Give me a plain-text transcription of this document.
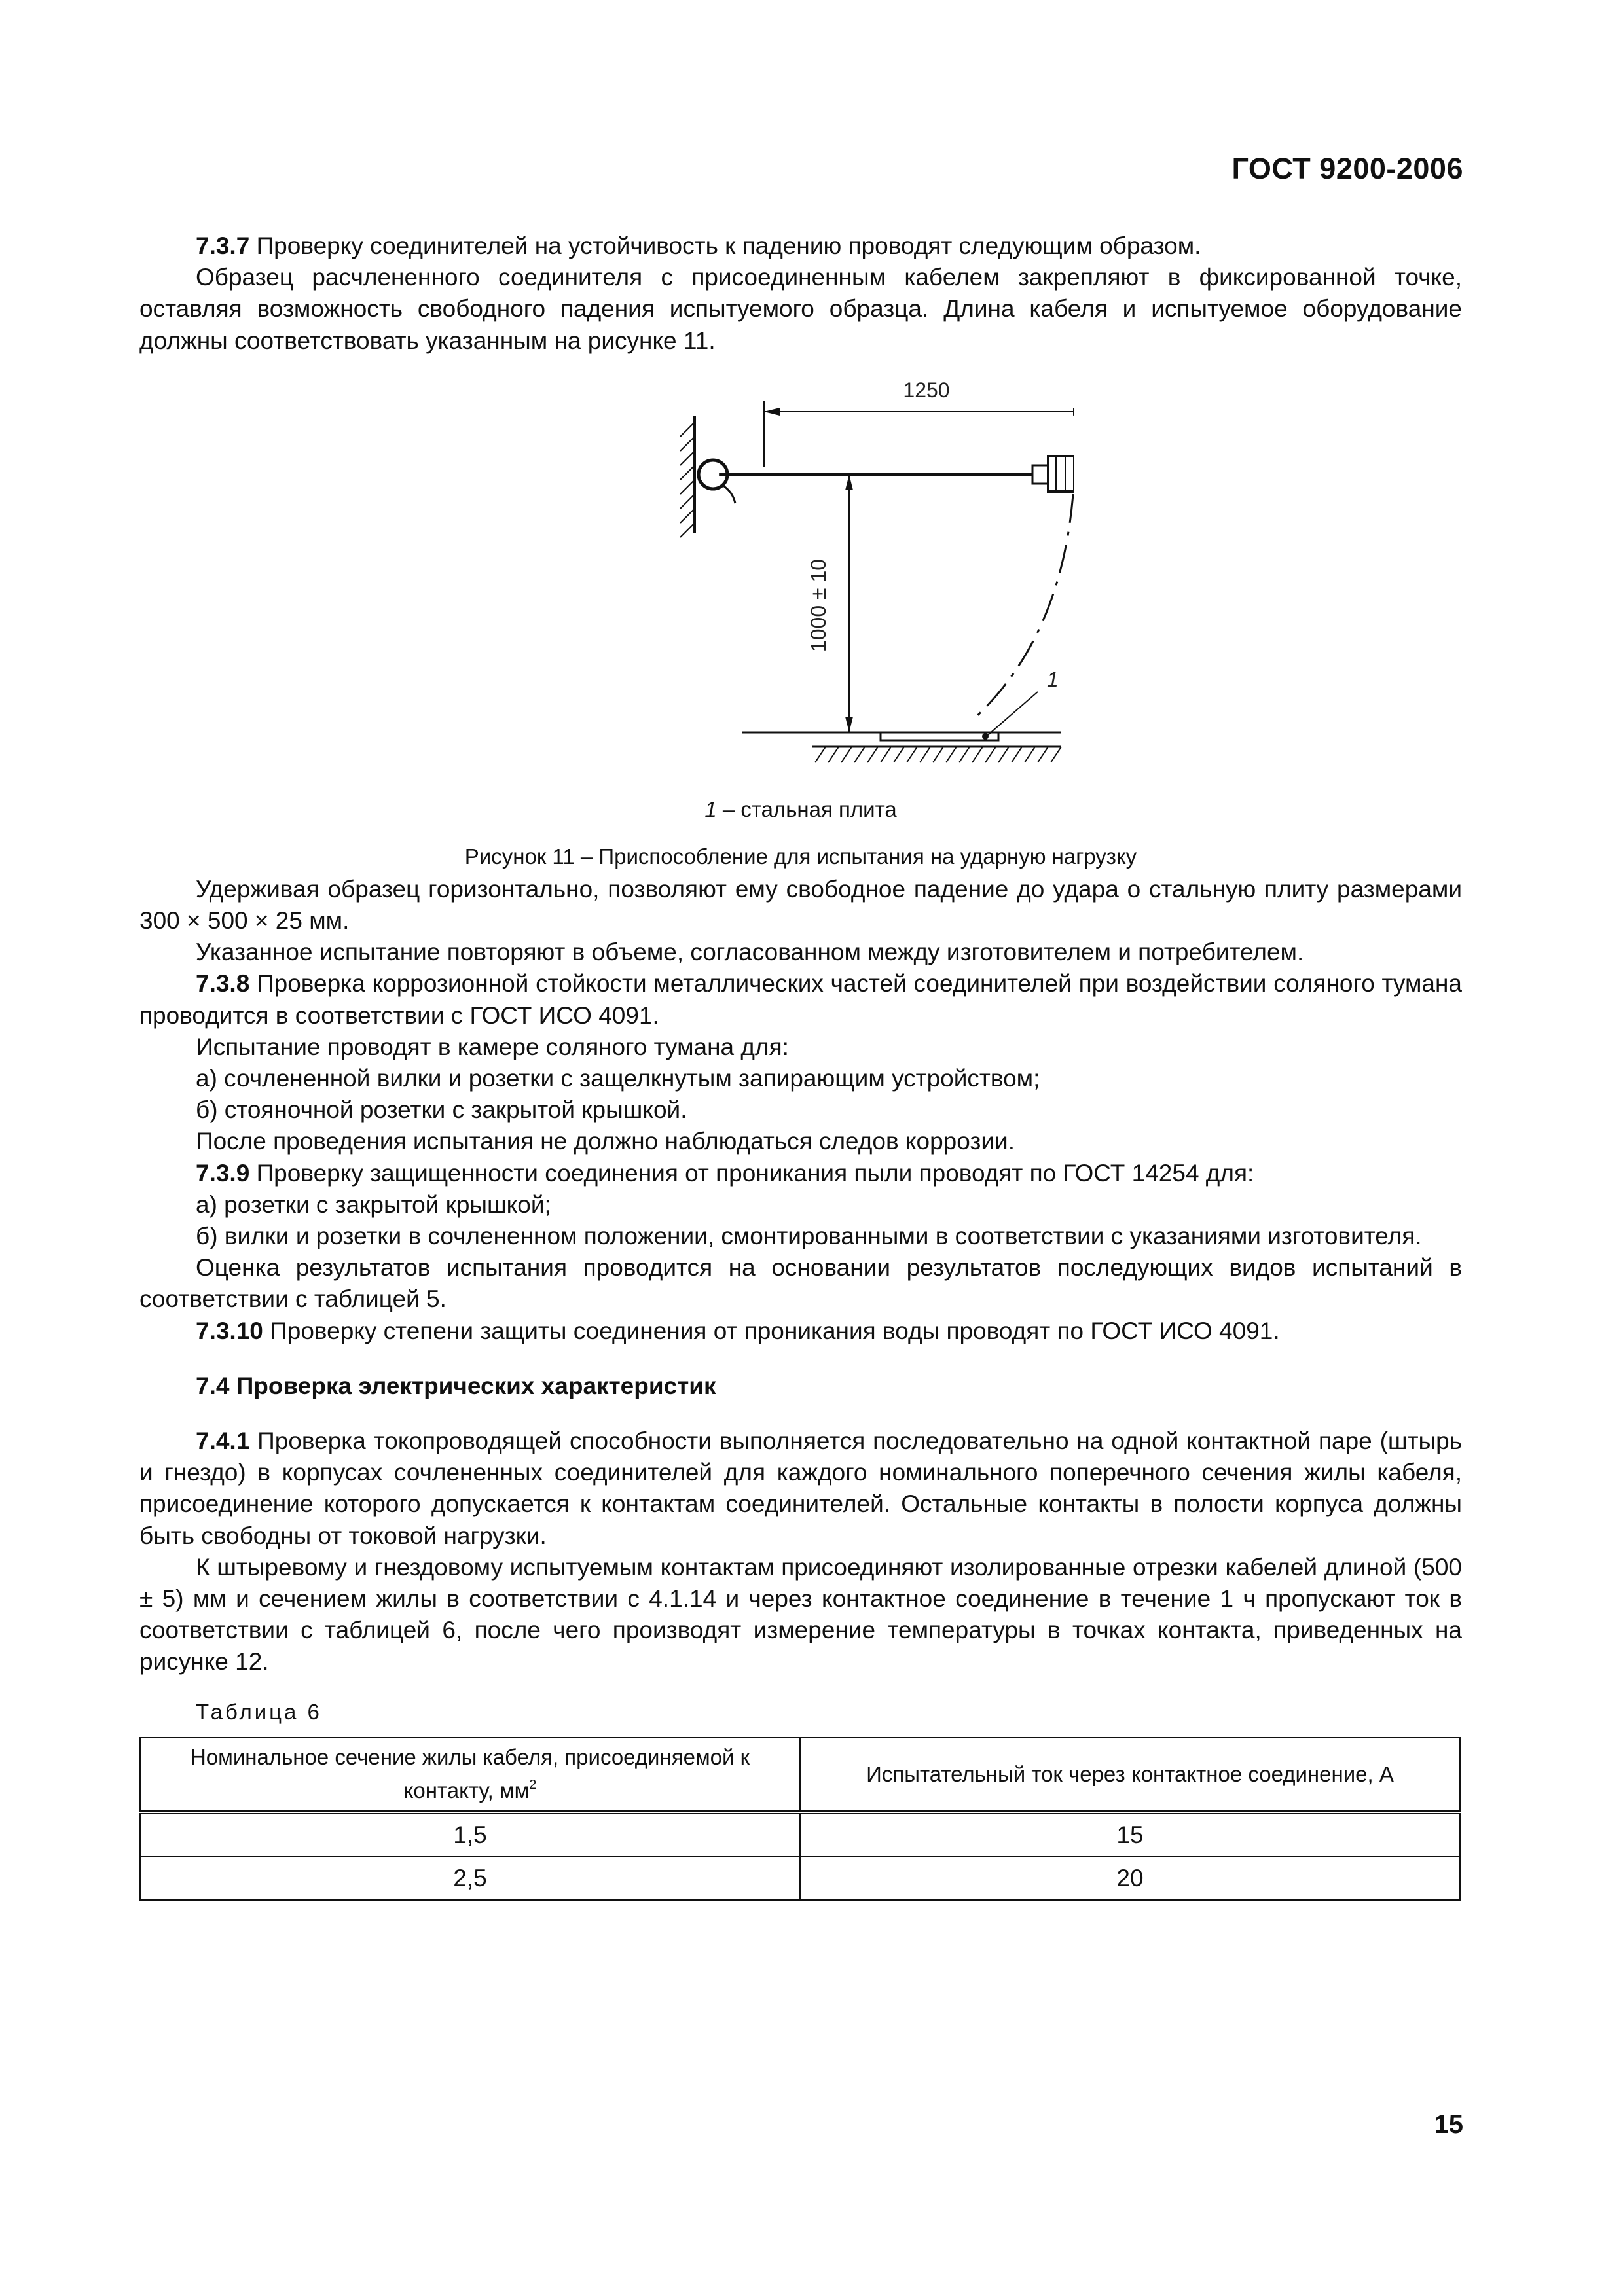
ГОСТ 9200-2006

7.3.7 Проверку соединителей на устойчивость к падению проводят следующим образом.

Образец расчлененного соединителя с присоединенным кабелем закрепляют в фиксированной точке, оставляя возможность свободного падения испытуемого образца. Длина кабеля и испытуемое оборудование должны соответствовать указанным на рисунке 11.

1250
1000 ± 10
1
1 – стальная плита
Рисунок 11 – Приспособление для испытания на ударную нагрузку

Удерживая образец горизонтально, позволяют ему свободное падение до удара о стальную плиту размерами 300 × 500 × 25 мм.

Указанное испытание повторяют в объеме, согласованном между изготовителем и потребителем.

7.3.8 Проверка коррозионной стойкости металлических частей соединителей при воздействии соляного тумана проводится в соответствии с ГОСТ ИСО 4091.

Испытание проводят в камере соляного тумана для:

а) сочлененной вилки и розетки с защелкнутым запирающим устройством;

б) стояночной розетки с закрытой крышкой.

После проведения испытания не должно наблюдаться следов коррозии.

7.3.9 Проверку защищенности соединения от проникания пыли проводят по ГОСТ 14254 для:

а) розетки с закрытой крышкой;

б) вилки и розетки в сочлененном положении, смонтированными в соответствии с указаниями изготовителя.

Оценка результатов испытания проводится на основании результатов последующих видов испытаний в соответствии с таблицей 5.

7.3.10 Проверку степени защиты соединения от проникания воды проводят по ГОСТ ИСО 4091.

7.4 Проверка электрических характеристик

7.4.1 Проверка токопроводящей способности выполняется последовательно на одной контактной паре (штырь и гнездо) в корпусах сочлененных соединителей для каждого номинального поперечного сечения жилы кабеля, присоединение которого допускается к контактам соединителей. Остальные контакты в полости корпуса должны быть свободны от токовой нагрузки.

К штыревому и гнездовому испытуемым контактам присоединяют изолированные отрезки кабелей длиной (500 ± 5) мм и сечением жилы в соответствии с 4.1.14 и через контактное соединение в течение 1 ч пропускают ток в соответствии с таблицей 6, после чего производят измерение температуры в точках контакта, приведенных на рисунке 12.

Таблица 6
Номинальное сечение жилы кабеля, присоединяемой к контакту, $мм^2$	Испытательный ток через контактное соединение, А
1,5	15
2,5	20
15
